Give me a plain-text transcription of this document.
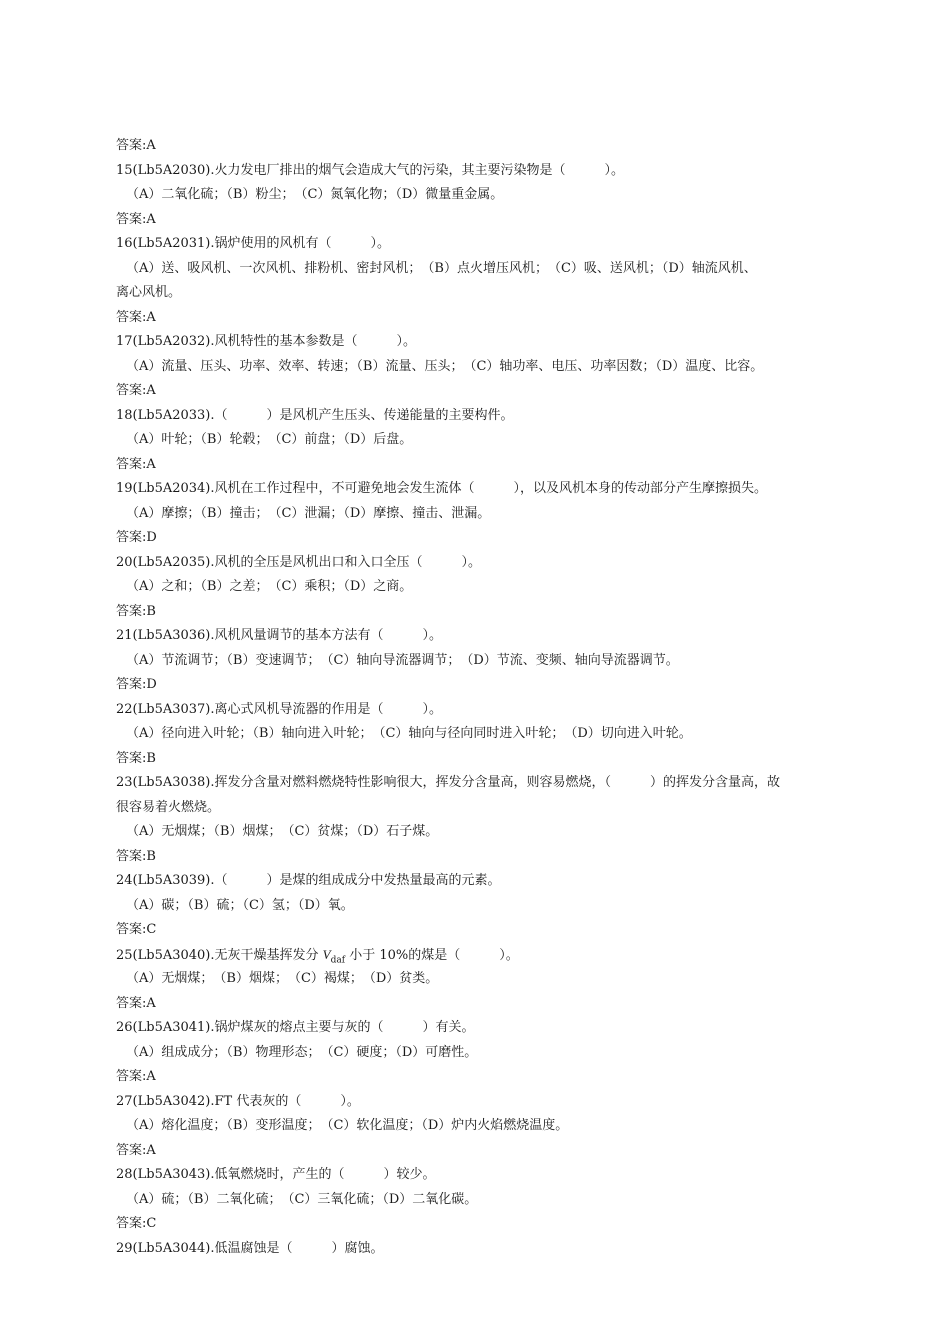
答案:A
15(Lb5A2030).火力发电厂排出的烟气会造成大气的污染，其主要污染物是（　　　）。
（A）二氧化硫；（B）粉尘；　（C）氮氧化物；（D）微量重金属。
答案:A
16(Lb5A2031).锅炉使用的风机有（　　　）。
（A）送、吸风机、一次风机、排粉机、密封风机；　（B）点火增压风机；　（C）吸、送风机；（D）轴流风机、
离心风机。
答案:A
17(Lb5A2032).风机特性的基本参数是（　　　）。
（A）流量、压头、功率、效率、转速；（B）流量、压头；　（C）轴功率、电压、功率因数；（D）温度、比容。
答案:A
18(Lb5A2033).（　　　）是风机产生压头、传递能量的主要构件。
（A）叶轮；（B）轮毂；　（C）前盘；（D）后盘。
答案:A
19(Lb5A2034).风机在工作过程中，不可避免地会发生流体（　　　），以及风机本身的传动部分产生摩擦损失。
（A）摩擦；（B）撞击；　（C）泄漏；（D）摩擦、撞击、泄漏。
答案:D
20(Lb5A2035).风机的全压是风机出口和入口全压（　　　）。
（A）之和；（B）之差；　（C）乘积；（D）之商。
答案:B
21(Lb5A3036).风机风量调节的基本方法有（　　　）。
（A）节流调节；（B）变速调节；　（C）轴向导流器调节；　（D）节流、变频、轴向导流器调节。
答案:D
22(Lb5A3037).离心式风机导流器的作用是（　　　）。
（A）径向进入叶轮；（B）轴向进入叶轮；　（C）轴向与径向同时进入叶轮；　（D）切向进入叶轮。
答案:B
23(Lb5A3038).挥发分含量对燃料燃烧特性影响很大，挥发分含量高，则容易燃烧，（　　　）的挥发分含量高，故
很容易着火燃烧。
（A）无烟煤；（B）烟煤；　（C）贫煤；（D）石子煤。
答案:B
24(Lb5A3039).（　　　）是煤的组成成分中发热量最高的元素。
（A）碳；（B）硫；（C）氢；（D）氧。
答案:C
25(Lb5A3040).无灰干燥基挥发分 $V_{daf}$ 小于 10%的煤是（　　　）。
（A）无烟煤；　（B）烟煤；　（C）褐煤；　（D）贫类。
答案:A
26(Lb5A3041).锅炉煤灰的熔点主要与灰的（　　　）有关。
（A）组成成分；（B）物理形态；　（C）硬度；（D）可磨性。
答案:A
27(Lb5A3042).FT 代表灰的（　　　）。
（A）熔化温度；（B）变形温度；　（C）软化温度；（D）炉内火焰燃烧温度。
答案:A
28(Lb5A3043).低氧燃烧时，产生的（　　　）较少。
（A）硫；（B）二氧化硫；　（C）三氧化硫；（D）二氧化碳。
答案:C
29(Lb5A3044).低温腐蚀是（　　　）腐蚀。
